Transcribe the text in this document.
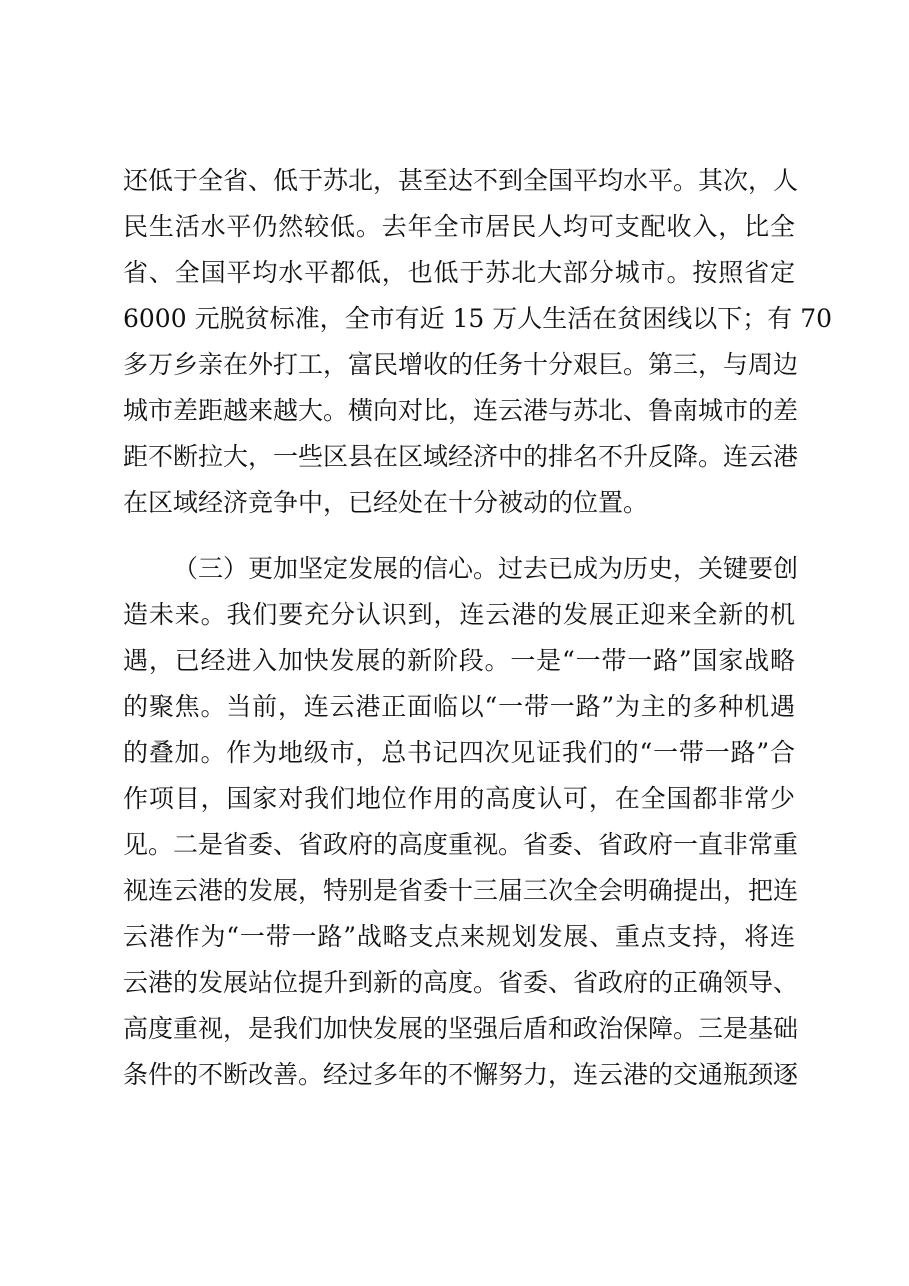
还低于全省、低于苏北，甚至达不到全国平均水平。其次，人
民生活水平仍然较低。去年全市居民人均可支配收入，比全
省、全国平均水平都低，也低于苏北大部分城市。按照省定
6000 元脱贫标准，全市有近 15 万人生活在贫困线以下；有 70
多万乡亲在外打工，富民增收的任务十分艰巨。第三，与周边
城市差距越来越大。横向对比，连云港与苏北、鲁南城市的差
距不断拉大，一些区县在区域经济中的排名不升反降。连云港
在区域经济竞争中，已经处在十分被动的位置。
（三）更加坚定发展的信心。过去已成为历史，关键要创
造未来。我们要充分认识到，连云港的发展正迎来全新的机
遇，已经进入加快发展的新阶段。一是“一带一路”国家战略
的聚焦。当前，连云港正面临以“一带一路”为主的多种机遇
的叠加。作为地级市，总书记四次见证我们的“一带一路”合
作项目，国家对我们地位作用的高度认可，在全国都非常少
见。二是省委、省政府的高度重视。省委、省政府一直非常重
视连云港的发展，特别是省委十三届三次全会明确提出，把连
云港作为“一带一路”战略支点来规划发展、重点支持，将连
云港的发展站位提升到新的高度。省委、省政府的正确领导、
高度重视，是我们加快发展的坚强后盾和政治保障。三是基础
条件的不断改善。经过多年的不懈努力，连云港的交通瓶颈逐
